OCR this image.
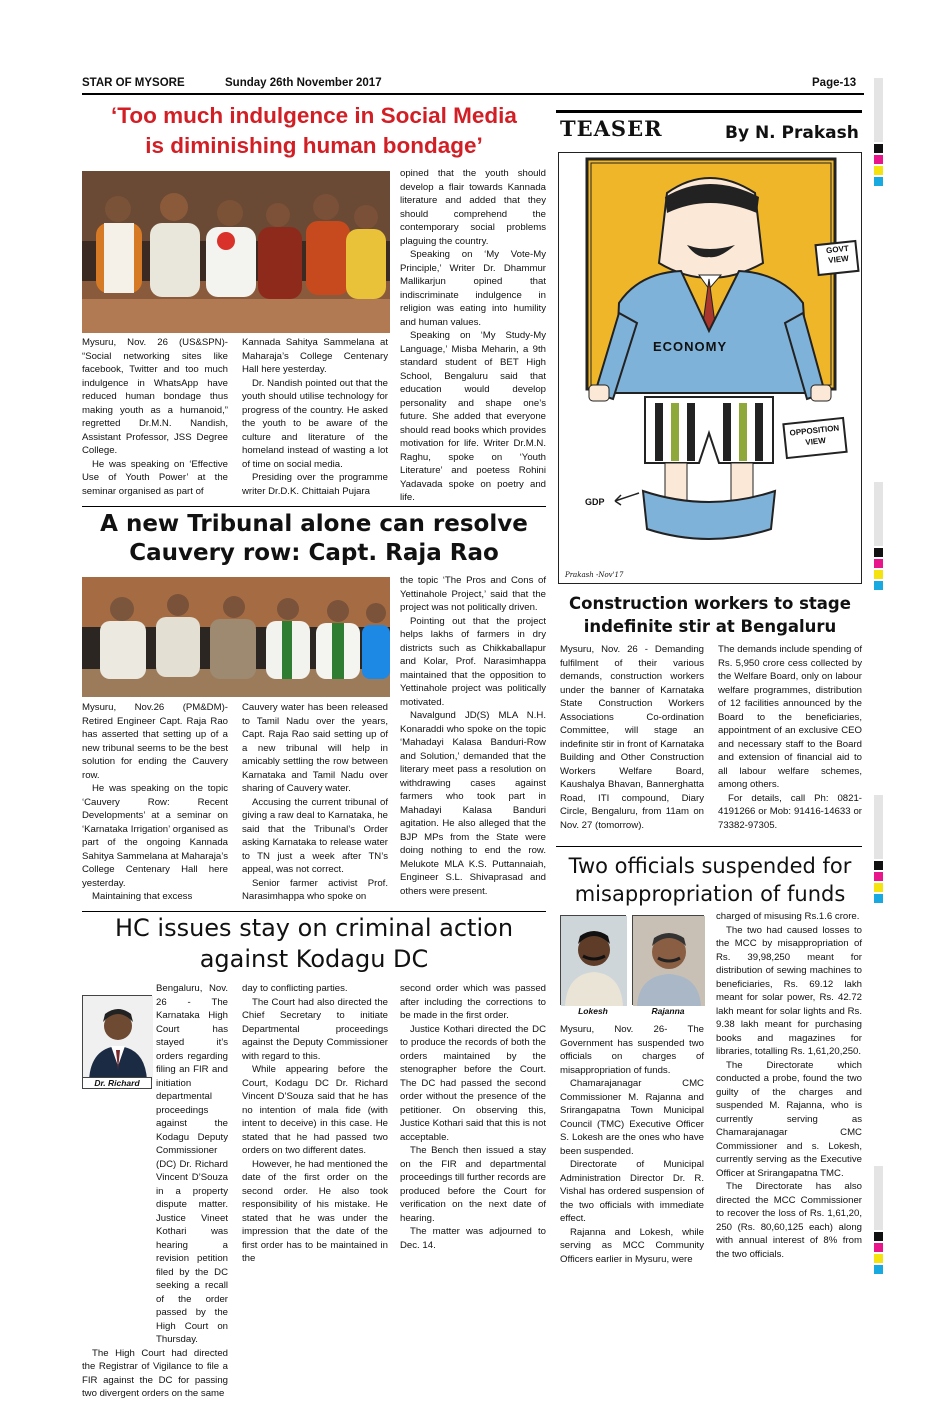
STAR OF MYSORE	Sunday 26th November 2017	Page-13
‘Too much indulgence in Social Media
is diminishing human bondage’

Mysuru, Nov. 26 (US&SPN)- “Social networking sites like facebook, Twitter and too much indulgence in WhatsApp have reduced human bondage thus making youth as a humanoid,” regretted Dr.M.N. Nandish, Assistant Professor, JSS Degree College.

He was speaking on ‘Effective Use of Youth Power’ at the seminar organised as part of

Kannada Sahitya Sammelana at Maharaja’s College Centenary Hall here yesterday.

Dr. Nandish pointed out that the youth should utilise technology for progress of the country. He asked the youth to be aware of the culture and literature of the homeland instead of wasting a lot of time on social media.

Presiding over the programme writer Dr.D.K. Chittaiah Pujara

opined that the youth should develop a flair towards Kannada literature and added that they should comprehend the contemporary social problems plaguing the country.

Speaking on ‘My Vote-My Principle,’ Writer Dr. Dhammur Mallikarjun opined that indiscriminate indulgence in religion was eating into humility and human values.

Speaking on ‘My Study-My Language,’ Misba Meharin, a 9th standard student of BET High School, Bengaluru said that education would develop personality and shape one’s future. She added that everyone should read books which provides motivation for life. Writer Dr.M.N. Raghu, spoke on ‘Youth Literature’ and poetess Rohini Yadavada spoke on poetry and life.

TEASER	By N. Prakash
GOVT VIEW
ECONOMY
OPPOSITION VIEW
GDP
Prakash -Nov'17
A new Tribunal alone can resolve
Cauvery row: Capt. Raja Rao

Mysuru, Nov.26 (PM&DM)- Retired Engineer Capt. Raja Rao has asserted that setting up of a new tribunal seems to be the best solution for ending the Cauvery row.

He was speaking on the topic ‘Cauvery Row: Recent Developments’ at a seminar on ‘Karnataka Irrigation’ organised as part of the ongoing Kannada Sahitya Sammelana at Maharaja’s College Centenary Hall here yesterday.

Maintaining that excess

Cauvery water has been released to Tamil Nadu over the years, Capt. Raja Rao said setting up of a new tribunal will help in amicably settling the row between Karnataka and Tamil Nadu over sharing of Cauvery water.

Accusing the current tribunal of giving a raw deal to Karnataka, he said that the Tribunal’s Order asking Karnataka to release water to TN just a week after TN’s appeal, was not correct.

Senior farmer activist Prof. Narasimhappa who spoke on

the topic ‘The Pros and Cons of Yettinahole Project,’ said that the project was not politically driven.

Pointing out that the project helps lakhs of farmers in dry districts such as Chikkaballapur and Kolar, Prof. Narasimhappa maintained that the opposition to Yettinahole project was politically motivated.

Navalgund JD(S) MLA N.H. Konaraddi who spoke on the topic ‘Mahadayi Kalasa Banduri-Row and Solution,’ demanded that the literary meet pass a resolution on withdrawing cases against farmers who took part in Mahadayi Kalasa Banduri agitation. He also alleged that the BJP MPs from the State were doing nothing to end the row. Melukote MLA K.S. Puttannaiah, Engineer S.L. Shivaprasad and others were present.

Construction workers to stage
indefinite stir at Bengaluru

Mysuru, Nov. 26 - Demanding fulfilment of their various demands, construction workers under the banner of Karnataka State Construction Workers Associations Co-ordination Committee, will stage an indefinite stir in front of Karnataka Building and Other Construction Workers Welfare Board, Kaushalya Bhavan, Bannerghatta Road, ITI compound, Diary Circle, Bengaluru, from 11am on Nov. 27 (tomorrow).

The demands include spending of Rs. 5,950 crore cess collected by the Welfare Board, only on labour welfare programmes, distribution of 12 facilities announced by the Board to the beneficiaries, appointment of an exclusive CEO and necessary staff to the Board and extension of financial aid to all labour welfare schemes, among others.

For details, call Ph: 0821-4191266 or Mob: 91416-14633 or 73382-97305.

HC issues stay on criminal action
against Kodagu DC
Dr. Richard

Bengaluru, Nov. 26 - The Karnataka High Court has stayed it’s orders regarding filing an FIR and initiation departmental proceedings against the Kodagu Deputy Commissioner (DC) Dr. Richard Vincent D’Souza in a property dispute matter. Justice Vineet Kothari was hearing a revision petition filed by the DC seeking a recall of the order passed by the High Court on Thursday.

The High Court had directed the Registrar of Vigilance to file a FIR against the DC for passing two divergent orders on the same

day to conflicting parties.

The Court had also directed the Chief Secretary to initiate Departmental proceedings against the Deputy Commissioner with regard to this.

While appearing before the Court, Kodagu DC Dr. Richard Vincent D’Souza said that he has no intention of mala fide (with intent to deceive) in this case. He stated that he had passed two orders on two different dates.

However, he had mentioned the date of the first order on the second order. He also took responsibility of his mistake. He stated that he was under the impression that the date of the first order has to be maintained in the

second order which was passed after including the corrections to be made in the first order.

Justice Kothari directed the DC to produce the records of both the orders maintained by the stenographer before the Court. The DC had passed the second order without the presence of the petitioner. On observing this, Justice Kothari said that this is not acceptable.

The Bench then issued a stay on the FIR and departmental proceedings till further records are produced before the Court for verification on the next date of hearing.

The matter was adjourned to Dec. 14.

Two officials suspended for
misappropriation of funds
Lokesh	Rajanna

Mysuru, Nov. 26- The Government has suspended two officials on charges of misappropriation of funds.

Chamarajanagar CMC Commissioner M. Rajanna and Srirangapatna Town Municipal Council (TMC) Executive Officer S. Lokesh are the ones who have been suspended.

Directorate of Municipal Administration Director Dr. R. Vishal has ordered suspension of the two officials with immediate effect.

Rajanna and Lokesh, while serving as MCC Community Officers earlier in Mysuru, were

charged of misusing Rs.1.6 crore.

The two had caused losses to the MCC by misappropriation of Rs. 39,98,250 meant for distribution of sewing machines to beneficiaries, Rs. 69.12 lakh meant for solar power, Rs. 42.72 lakh meant for solar lights and Rs. 9.38 lakh meant for purchasing books and magazines for libraries, totalling Rs. 1,61,20,250.

The Directorate which conducted a probe, found the two guilty of the charges and suspended M. Rajanna, who is currently serving as Chamarajanagar CMC Commissioner and s. Lokesh, currently serving as the Executive Officer at Srirangapatna TMC.

The Directorate has also directed the MCC Commissioner to recover the loss of Rs. 1,61,20, 250 (Rs. 80,60,125 each) along with annual interest of 8% from the two officials.
